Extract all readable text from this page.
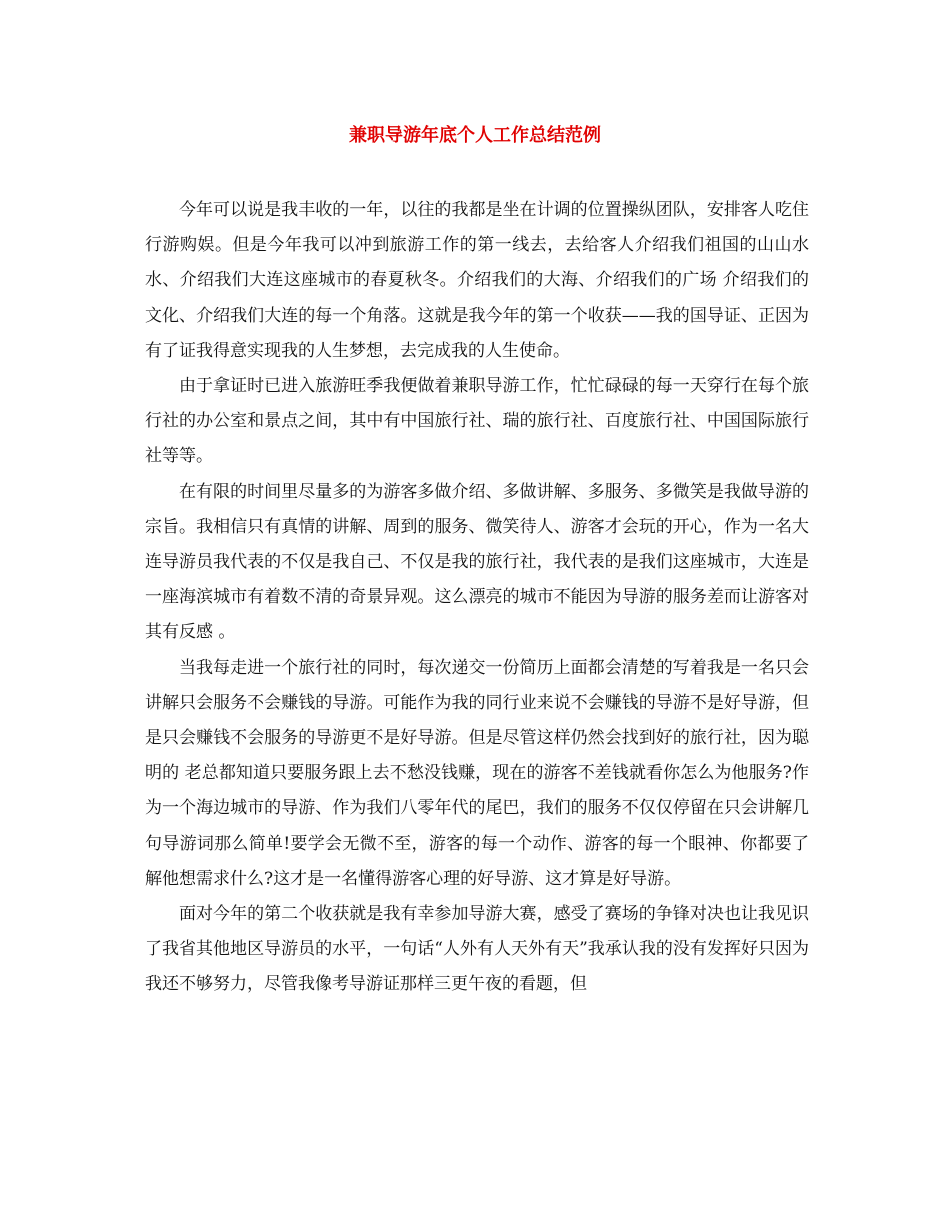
兼职导游年底个人工作总结范例

今年可以说是我丰收的一年，以往的我都是坐在计调的位置操纵团队，安排客人吃住行游购娱。但是今年我可以冲到旅游工作的第一线去，去给客人介绍我们祖国的山山水水、介绍我们大连这座城市的春夏秋冬。介绍我们的大海、介绍我们的广场 介绍我们的文化、介绍我们大连的每一个角落。这就是我今年的第一个收获——我的国导证、正因为有了证我得意实现我的人生梦想，去完成我的人生使命。

由于拿证时已进入旅游旺季我便做着兼职导游工作，忙忙碌碌的每一天穿行在每个旅行社的办公室和景点之间，其中有中国旅行社、瑞的旅行社、百度旅行社、中国国际旅行社等等。

在有限的时间里尽量多的为游客多做介绍、多做讲解、多服务、多微笑是我做导游的宗旨。我相信只有真情的讲解、周到的服务、微笑待人、游客才会玩的开心，作为一名大连导游员我代表的不仅是我自己、不仅是我的旅行社，我代表的是我们这座城市，大连是一座海滨城市有着数不清的奇景异观。这么漂亮的城市不能因为导游的服务差而让游客对其有反感 。

当我每走进一个旅行社的同时，每次递交一份简历上面都会清楚的写着我是一名只会讲解只会服务不会赚钱的导游。可能作为我的同行业来说不会赚钱的导游不是好导游，但是只会赚钱不会服务的导游更不是好导游。但是尽管这样仍然会找到好的旅行社，因为聪明的 老总都知道只要服务跟上去不愁没钱赚，现在的游客不差钱就看你怎么为他服务?作为一个海边城市的导游、作为我们八零年代的尾巴，我们的服务不仅仅停留在只会讲解几句导游词那么简单!要学会无微不至，游客的每一个动作、游客的每一个眼神、你都要了解他想需求什么?这才是一名懂得游客心理的好导游、这才算是好导游。

面对今年的第二个收获就是我有幸参加导游大赛，感受了赛场的争锋对决也让我见识了我省其他地区导游员的水平，一句话“人外有人天外有天”我承认我的没有发挥好只因为我还不够努力，尽管我像考导游证那样三更午夜的看题，但
